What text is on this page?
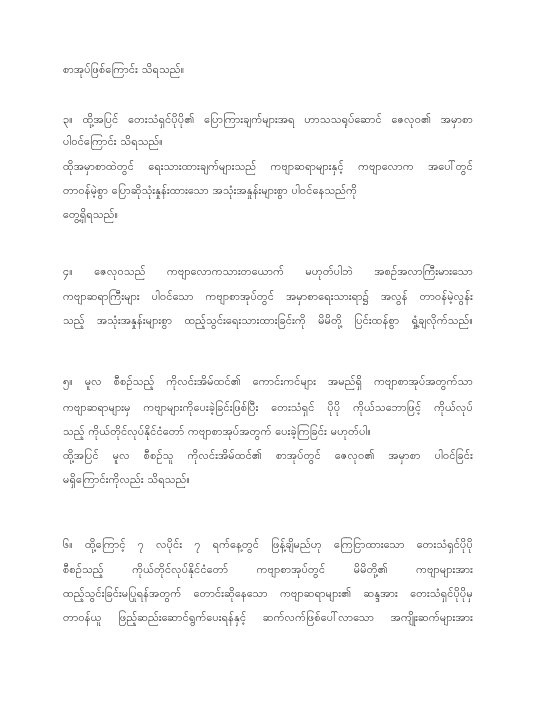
စာအုပ်ဖြစ်ကြောင်း သိရသည်။
၃။ ထို့အပြင် တေးသံရှင်ပိုပို၏ ပြောကြားချက်များအရ ဟာသသရုပ်ဆောင် ဇေလုဝ၏ အမှာစာ
ပါဝင်ကြောင်း သိရသည်။
ထိုအမှာစာထဲတွင် ရေးသားထားချက်များသည် ကဗျာဆရာများနှင့် ကဗျာလောက အပေါ်တွင်
တာဝန်မဲ့စွာ ပြောဆိုသုံးနှုန်းထားသော အသုံးအနှုန်းများစွာ ပါဝင်နေသည်ကို
တွေ့ရှိရသည်။
၄။ ဇေလုဝသည် ကဗျာလောကသားတယောက် မဟုတ်ပါဘဲ အစဉ်အလာကြီးမားသော
ကဗျာဆရာကြီးများ ပါဝင်သော ကဗျာစာအုပ်တွင် အမှာစာရေးသားရာ၌ အလွန် တာဝန်မဲ့လွန်း
သည့် အသုံးအနှုန်းများစွာ ထည့်သွင်းရေးသားထားခြင်းကို မိမိတို့ ပြင်းထန်စွာ ရှုံ့ချလိုက်သည်။
၅။ မူလ စီစဉ်သည့် ကိုလင်းအိမ်ထင်၏ ကောင်းကင်များ အမည်ရှိ ကဗျာစာအုပ်အတွက်သာ
ကဗျာဆရာများမှ ကဗျာများကိုပေးခဲ့ခြင်းဖြစ်ပြီး တေးသံရှင် ပိုပို ကိုယ်သဘောဖြင့် ကိုယ်လုပ်
သည့် ကိုယ်တိုင်လုပ်နိုင်ငံတော် ကဗျာစာအုပ်အတွက် ပေးခဲ့ကြခြင်း မဟုတ်ပါ။
ထို့အပြင် မူလ စီစဉ်သူ ကိုလင်းအိမ်ထင်၏ စာအုပ်တွင် ဇေလုဝ၏ အမှာစာ ပါဝင်ခြင်း
မရှိကြောင်းကိုလည်း သိရသည်။
၆။ ထို့ကြောင့် ၇ လပိုင်း ၇ ရက်နေ့တွင် ဖြန့်ချိမည်ဟု ကြေငြာထားသော တေးသံရှင်ပိုပို
စီစဉ်သည့် ကိုယ်တိုင်လုပ်နိုင်ငံတော် ကဗျာစာအုပ်တွင် မိမိတို့၏ ကဗျာများအား
ထည့်သွင်းခြင်းမပြုရန်အတွက် တောင်းဆိုနေသော ကဗျာဆရာများ၏ ဆန္ဒအား တေးသံရှင်ပိုပိုမှ
တာဝန်ယူ ဖြည့်ဆည်းဆောင်ရွက်ပေးရန်နှင့် ဆက်လက်ဖြစ်ပေါ်လာသော အကျိုးဆက်များအား
